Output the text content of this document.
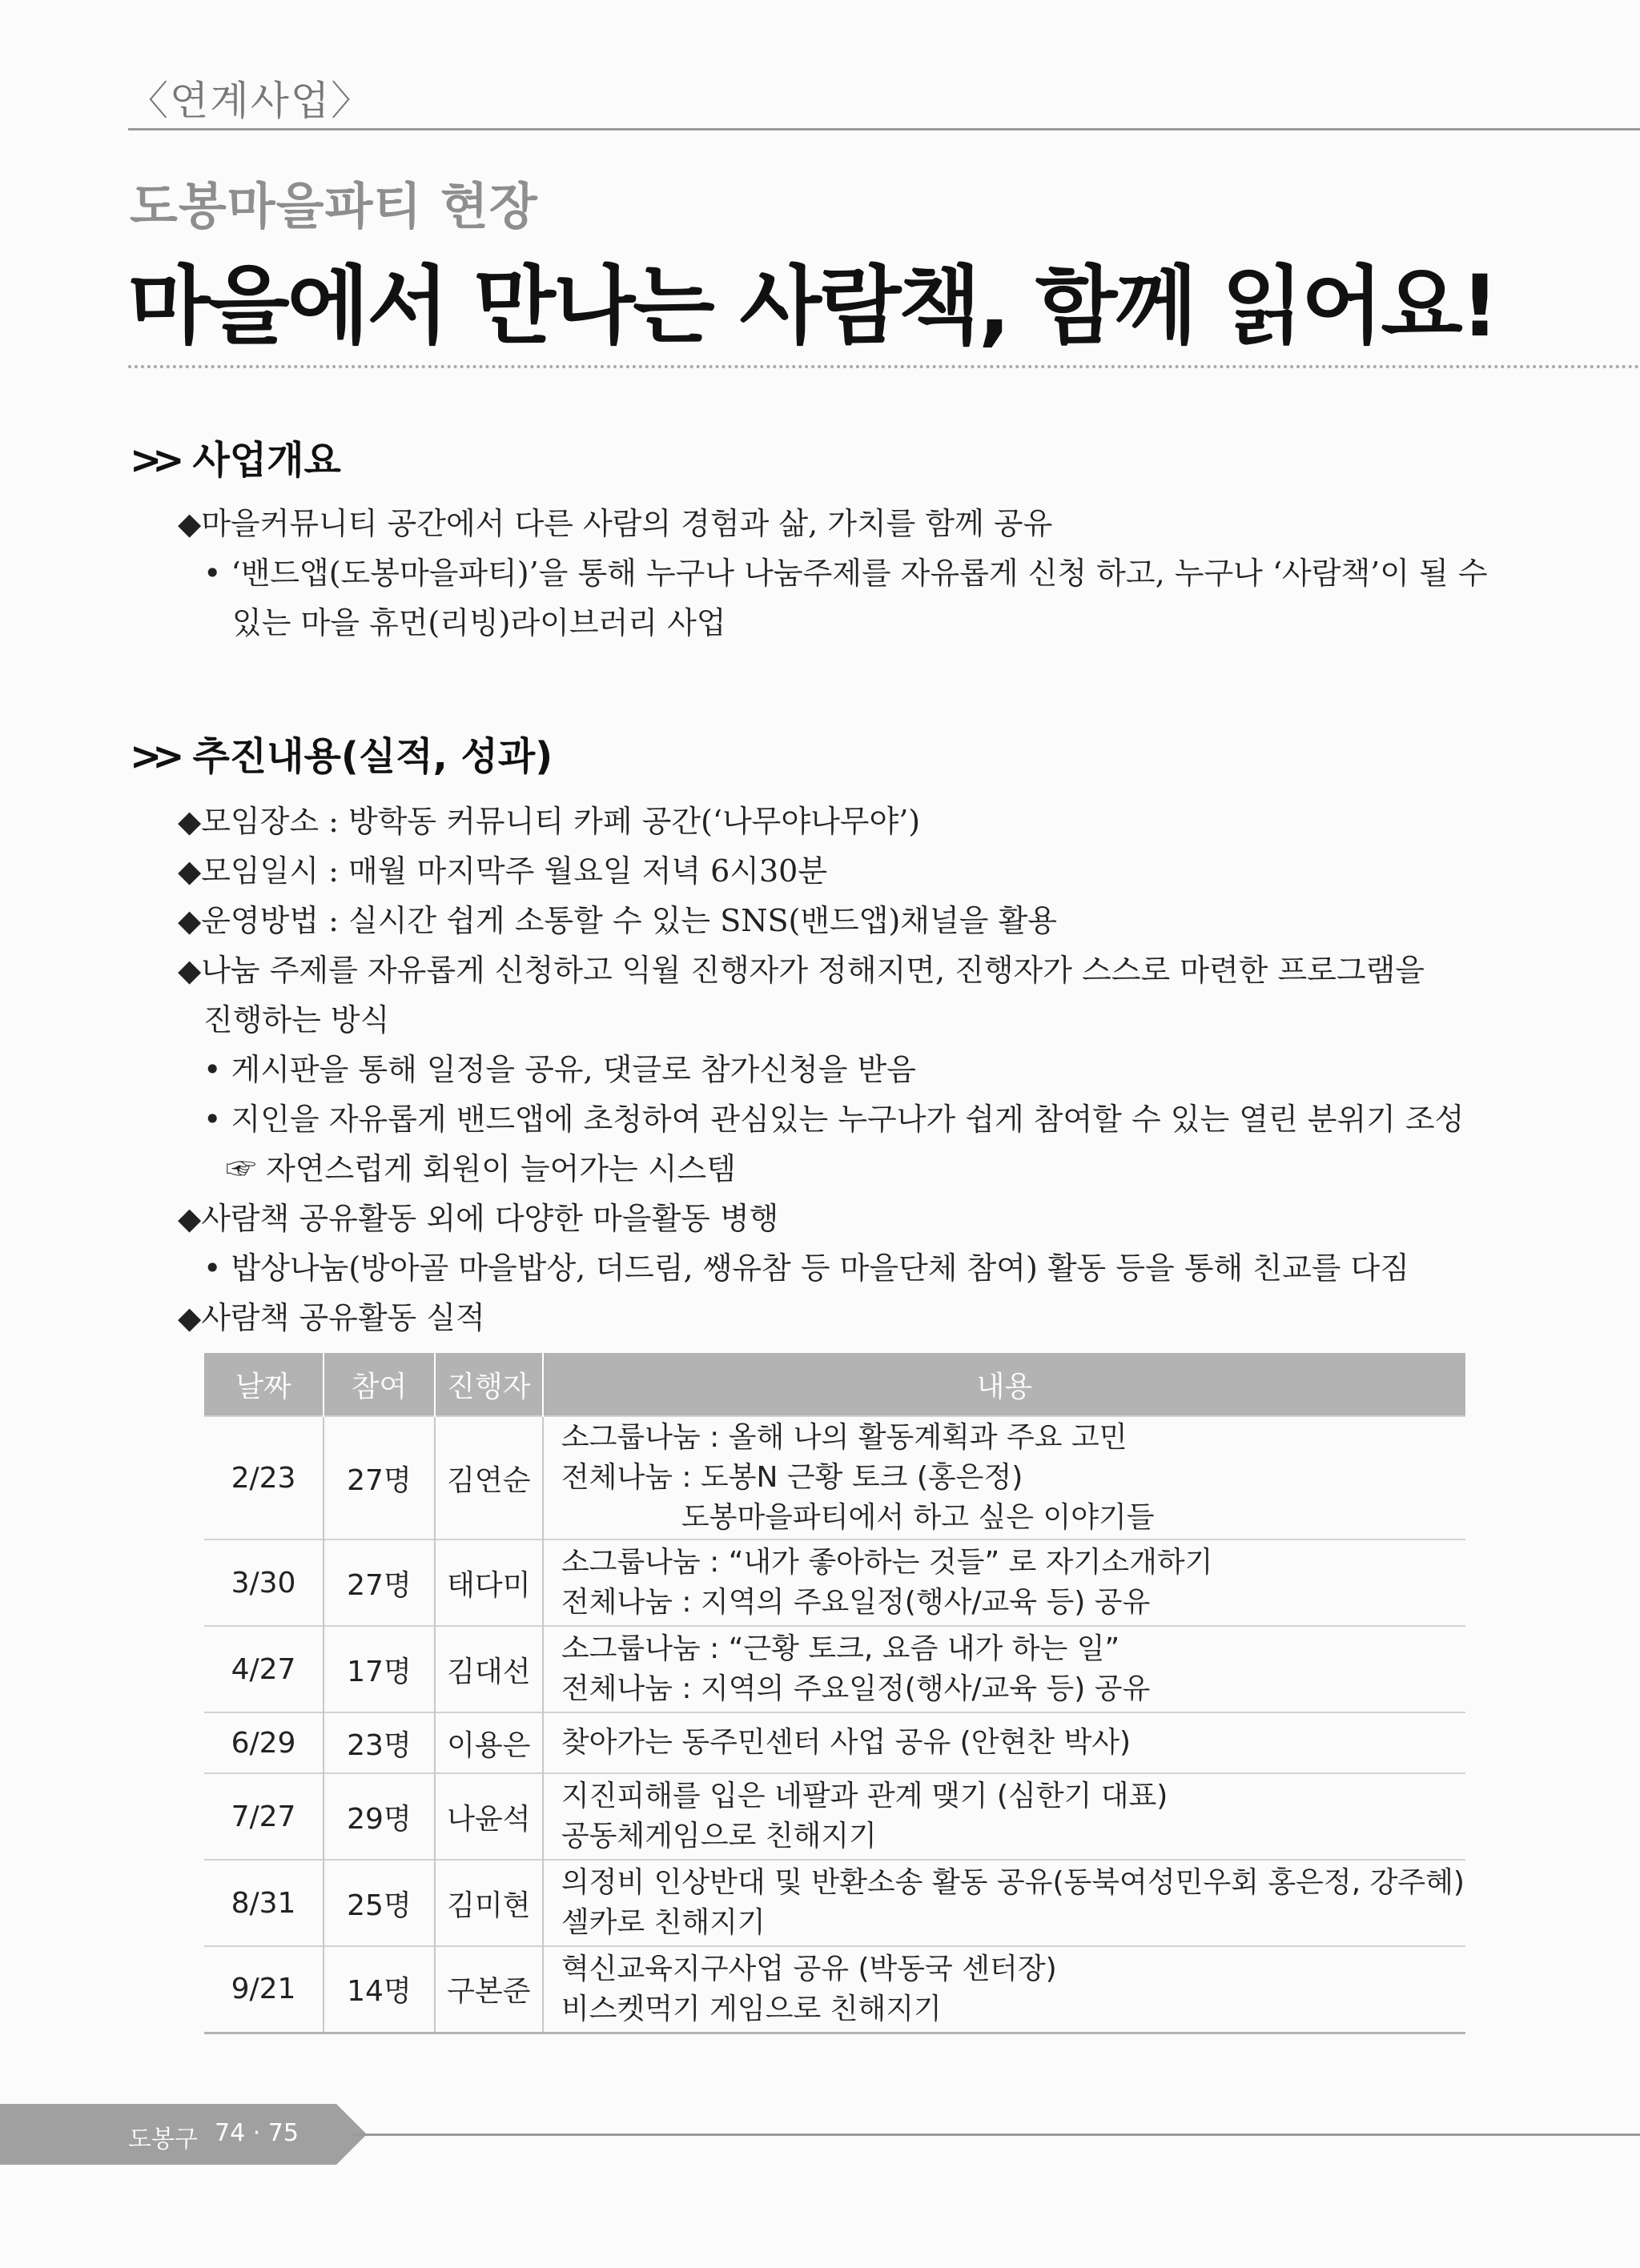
〈연계사업〉
도봉마을파티 현장
마을에서 만나는 사람책, 함께 읽어요!
>> 사업개요
◆마을커뮤니티 공간에서 다른 사람의 경험과 삶, 가치를 함께 공유
• ‘밴드앱(도봉마을파티)’을 통해 누구나 나눔주제를 자유롭게 신청 하고, 누구나 ‘사람책’이 될 수
있는 마을 휴먼(리빙)라이브러리 사업
>> 추진내용(실적, 성과)
◆모임장소 : 방학동 커뮤니티 카페 공간(‘나무야나무야’)
◆모임일시 : 매월 마지막주 월요일 저녁 6시30분
◆운영방법 : 실시간 쉽게 소통할 수 있는 SNS(밴드앱)채널을 활용
◆나눔 주제를 자유롭게 신청하고 익월 진행자가 정해지면, 진행자가 스스로 마련한 프로그램을
진행하는 방식
• 게시판을 통해 일정을 공유, 댓글로 참가신청을 받음
• 지인을 자유롭게 밴드앱에 초청하여 관심있는 누구나가 쉽게 참여할 수 있는 열린 분위기 조성
☞ 자연스럽게 회원이 늘어가는 시스템
◆사람책 공유활동 외에 다양한 마을활동 병행
• 밥상나눔(방아골 마을밥상, 더드림, 쌩유참 등 마을단체 참여) 활동 등을 통해 친교를 다짐
◆사람책 공유활동 실적
날짜	참여	진행자	내용
2/23	27명	김연순	소그룹나눔 : 올해 나의 활동계획과 주요 고민
전체나눔 : 도봉N 근황 토크 (홍은정)
도봉마을파티에서 하고 싶은 이야기들

3/30	27명	태다미	소그룹나눔 : “내가 좋아하는 것들” 로 자기소개하기
전체나눔 : 지역의 주요일정(행사/교육 등) 공유

4/27	17명	김대선	소그룹나눔 : “근황 토크, 요즘 내가 하는 일”
전체나눔 : 지역의 주요일정(행사/교육 등) 공유

6/29	23명	이용은	찾아가는 동주민센터 사업 공유 (안현찬 박사)

7/27	29명	나윤석	지진피해를 입은 네팔과 관계 맺기 (심한기 대표)
공동체게임으로 친해지기

8/31	25명	김미현	의정비 인상반대 및 반환소송 활동 공유(동북여성민우회 홍은정, 강주혜)
셀카로 친해지기

9/21	14명	구본준	혁신교육지구사업 공유 (박동국 센터장)
비스켓먹기 게임으로 친해지기
도봉구 74 · 75
